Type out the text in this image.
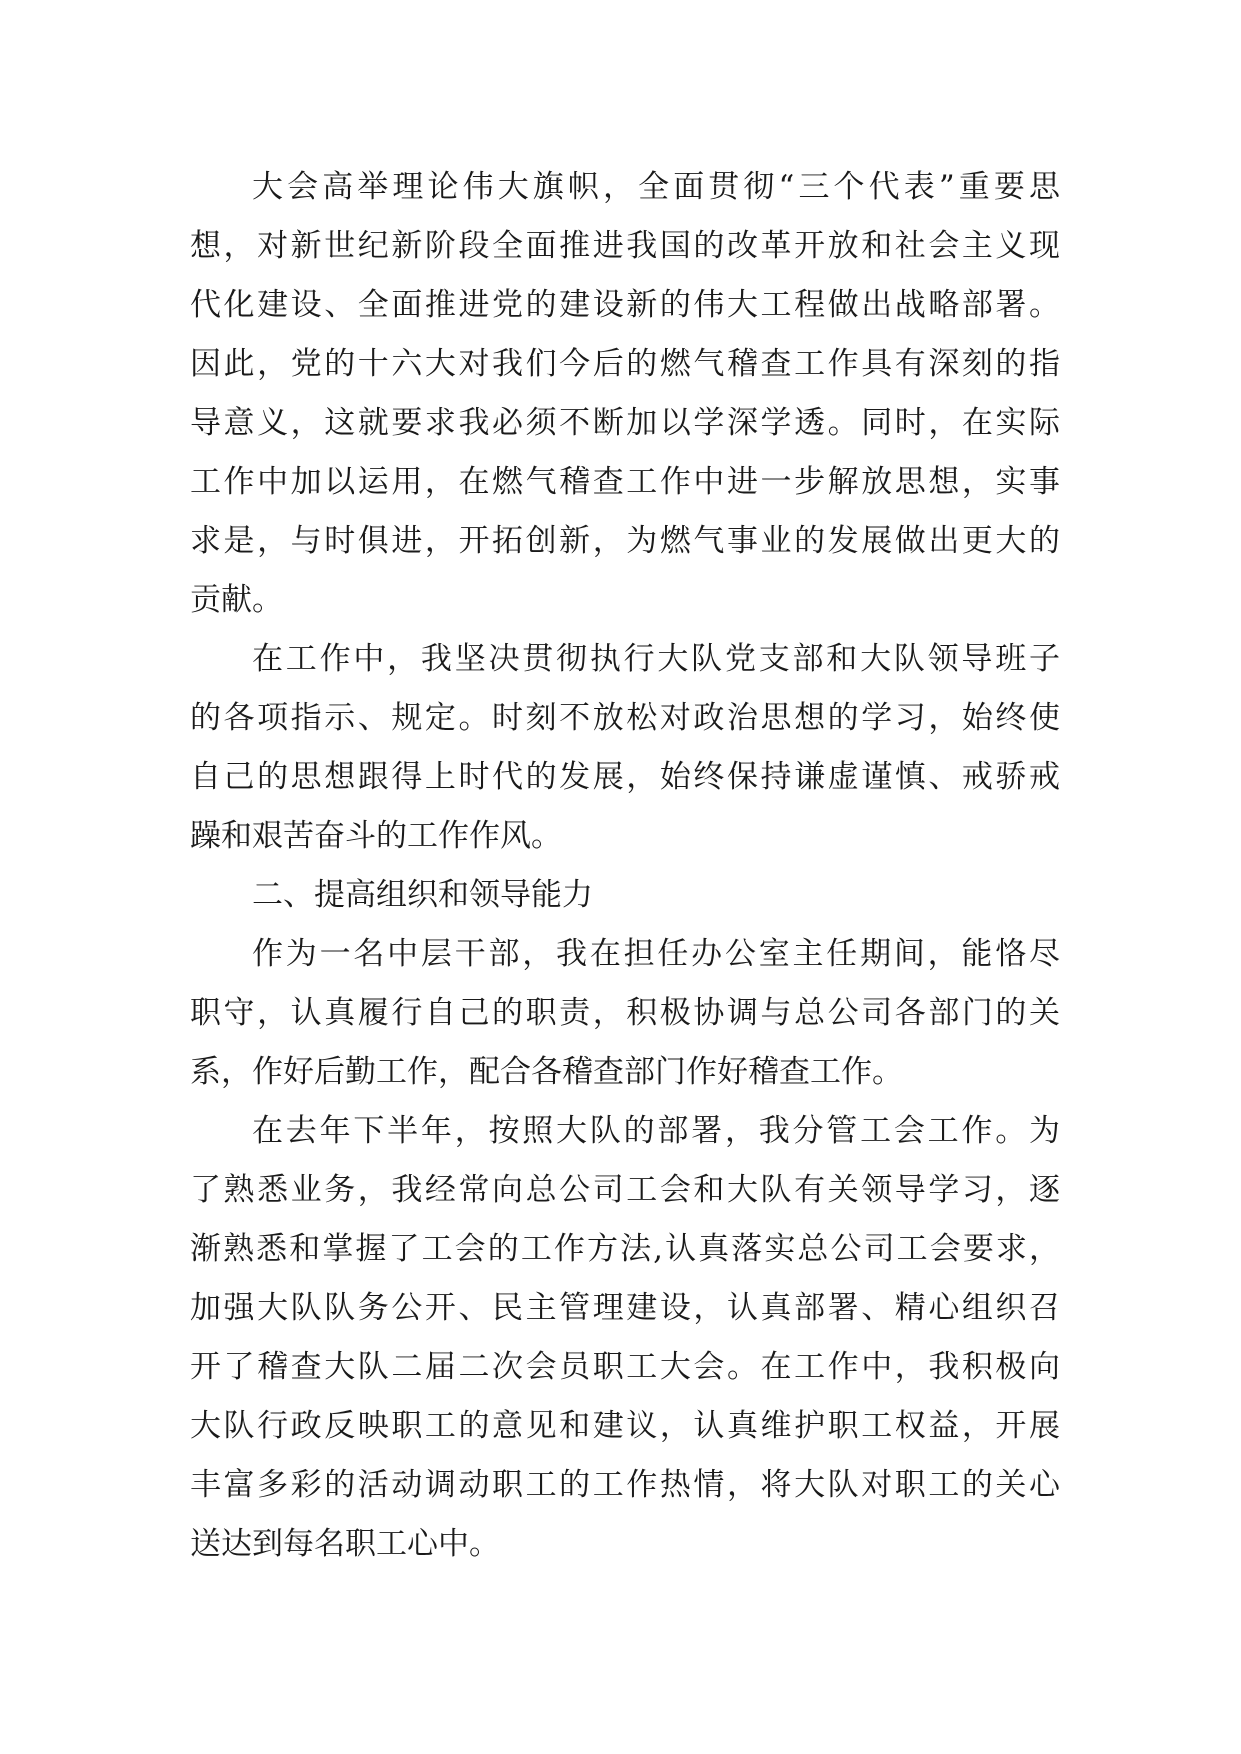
大会高举理论伟大旗帜，全面贯彻“三个代表”重要思
想，对新世纪新阶段全面推进我国的改革开放和社会主义现
代化建设、全面推进党的建设新的伟大工程做出战略部署。
因此，党的十六大对我们今后的燃气稽查工作具有深刻的指
导意义，这就要求我必须不断加以学深学透。同时，在实际
工作中加以运用，在燃气稽查工作中进一步解放思想，实事
求是，与时俱进，开拓创新，为燃气事业的发展做出更大的
贡献。
在工作中，我坚决贯彻执行大队党支部和大队领导班子
的各项指示、规定。时刻不放松对政治思想的学习，始终使
自己的思想跟得上时代的发展，始终保持谦虚谨慎、戒骄戒
躁和艰苦奋斗的工作作风。
二、提高组织和领导能力
作为一名中层干部，我在担任办公室主任期间，能恪尽
职守，认真履行自己的职责，积极协调与总公司各部门的关
系，作好后勤工作，配合各稽查部门作好稽查工作。
在去年下半年，按照大队的部署，我分管工会工作。为
了熟悉业务，我经常向总公司工会和大队有关领导学习，逐
渐熟悉和掌握了工会的工作方法,认真落实总公司工会要求，
加强大队队务公开、民主管理建设，认真部署、精心组织召
开了稽查大队二届二次会员职工大会。在工作中，我积极向
大队行政反映职工的意见和建议，认真维护职工权益，开展
丰富多彩的活动调动职工的工作热情，将大队对职工的关心
送达到每名职工心中。
